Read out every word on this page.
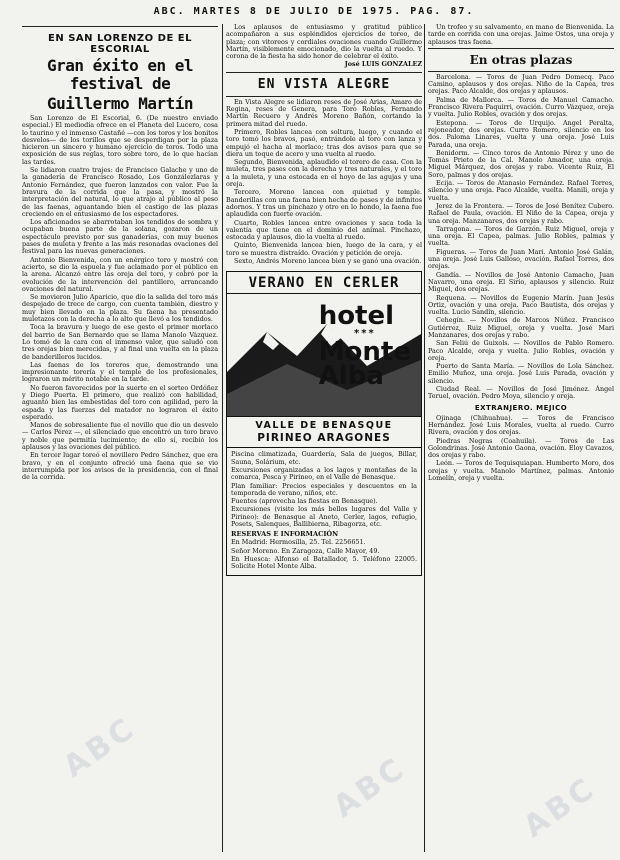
ABC. MARTES 8 DE JULIO DE 1975. PAG. 87.
EN SAN LORENZO DE EL ESCORIAL
Gran éxito en el festival de
Guillermo Martín

San Lorenzo de El Escorial, 6. (De nuestro enviado especial.) El mediodía ofrece en el Planeta del Lucero, cosa lo taurino y el inmenso Castañé —con los toros y los bonitos desvelos— de los torillos que se desperdigan por la plaza hicieron un sincero y humano ejercicio de toros. Todo una exposición de sus reglas, toro sobre toro, de lo que hacían las tardes.

Se lidiaron cuatro trajes: de Francisco Galache y uno de la ganadería de Francisco Rosado, Los Gonzálezlaras y Antonio Fernández, que fueron lanzados con valor. Fue la bravura de la corrida que la pasa, y mostró la interpretación del natural, lo que atrajo al público al peso de las faenas, aguantando bien el castigo de las plazas creciendo en el entusiasmo de los espectadores.

Los aficionados se abarrotaban los tendidos de sombra y ocupaban buena parte de la solana, gozaron de un espectáculo previsto por sus ganaderías, con muy buenos pases de muleta y frente a las más resonadas ovaciones del festival para las nuevas generaciones.

Antonio Bienvenida, con un enérgico toro y mostró con acierto, se dio la espuela y fue aclamado por el público en la arena. Alcanzó entre las oreja del toro, y cobró por la evolución de la intervención del pantillero, arrancando ovaciones del natural.

Se movieron Julio Aparicio, que dio la salida del toro más despejado de trece de cargo, con cuenta también, diestro y muy bien llevado en la plaza. Su faena ha presentado muletazos con la derecha a lo alto que llevó a los tendidos.

Toca la bravura y luego de ese gesto el primer morlaco del barrio de San Bernardo que se llama Manolo Vázquez. Lo tomó de la cara con el inmenso valor, que saludó con tres orejas bien merecidas, y al final una vuelta en la plaza de banderilleros lucidos.

Las faenas de los toreros que, demostrando una impresionante torería y el temple de los profesionales, lograron un mérito notable en la tarde.

No fueron favorecidos por la suerte en el sorteo Ordóñez y Diego Puerta. El primero, que realizó con habilidad, aguantó bien las embestidas del toro con agilidad, pero la espada y las fuerzas del matador no lograron el éxito esperado.

Manos de sobresaliente fue el novillo que dio un desvelo — Carlos Pérez —, el silenciado que encontró un toro bravo y noble que permitía lucimiento; de ello sí, recibió los aplausos y las ovaciones del público.

En tercer lugar toreó el novillero Pedro Sánchez, que era bravo, y en el conjunto ofreció una faena que se vio interrumpida por los avisos de la presidencia, con el final de la corrida.

Los aplausos de entusiasmo y gratitud público acompañaron a sus espléndidos ejercicios de toreo, de plaza; con vitoreos y cordiales ovaciones cuando Guillermo Martín, visiblemente emocionado, dio la vuelta al ruedo. Y corona de la fiesta ha sido honor de celebrar el éxito.

José LUIS GONZALEZ

EN VISTA ALEGRE

En Vista Alegre se lidiaron reses de José Arias, Amaro de Regina, reses de Genera, para Toro Robles, Fernando Martín Recuero y Andrés Moreno Bañón, cortando la primera mitad del ruedo.

Primero, Robles lancea con soltura, luego, y cuando el toro tomó los bravos, pasó, entrándole al toro con lanza y empujó el hacha al morlaco; tras dos avisos para que se diera un toque de acero y una vuelta al ruedo.

Segundo, Bienvenida, aplaudido el torero de casa. Con la muleta, tres pases con la derecha y tres naturales, y el toro a la muleta, y una estocada en el hoyo de las agujas y una oreja.

Tercero, Moreno lancea con quietud y temple. Banderillas con una faena bien hecha de pases y de infinitos adornos. Y tras un pinchazo y otro en lo hondo, la faena fue aplaudida con fuerte ovación.

Cuarto, Robles lancea entre ovaciones y saca toda la valentía que tiene en el dominio del animal. Pinchazo, estocada y aplausos, dio la vuelta al ruedo.

Quinto, Bienvenida lancea bien, luego de la cara, y el toro se muestra distraído. Ovación y petición de oreja.

Sexto, Andrés Moreno lancea bien y se ganó una ovación.

VERANO EN CERLER
hotel
***
Monte
Alba
VALLE DE BENASQUE
PIRINEO ARAGONES

Piscina climatizada, Guardería, Sala de juegos, Billar, Sauna, Solárium, etc.

Excursiones organizadas a los lagos y montañas de la comarca, Pesca y Pirineo, en el Valle de Benasque.

Plan familiar: Precios especiales y descuentos en la temporada de verano, niños, etc.

Fuentes (aprovecha las fiestas en Benasque).

Excursiones (visite los más bellos lugares del Valle y Pirineo): de Benasque al Aneto, Cerler, lagos, refugio, Posets, Salenques, Ballibierna, Ribagorza, etc.

RESERVAS E INFORMACIÓN

En Madrid: Hermosilla, 25. Tel. 2256651.

Señor Moreno. En Zaragoza, Calle Mayor, 49.

En Huesca: Alfonso el Batallador, 5. Teléfono 22005. Solicite Hotel Monte Alba.

Un trofeo y su salvamento, en mano de Bienvenida. La tarde en corrida con una orejas. Jaime Ostos, una oreja y aplausos tras faena.

En otras plazas

Barcelona. — Toros de Juan Pedro Domecq. Paco Camino, aplausos y dos orejas. Niño de la Capea, tres orejas. Paco Alcalde, dos orejas y aplausos.

Palma de Mallorca. — Toros de Manuel Camacho. Francisco Rivera Paquirri, ovación. Curro Vázquez, oreja y vuelta. Julio Robles, ovación y dos orejas.

Estepona. — Toros de Urquijo. Angel Peralta, rejoneador, dos orejas. Curro Romero, silencio en los dos. Paloma Linares, vuelta y una oreja. José Luis Parada, una oreja.

Benidorm. — Cinco toros de Antonio Pérez y uno de Tomás Prieto de la Cal. Manolo Amador, una oreja. Miguel Márquez, dos orejas y rabo. Vicente Ruiz, El Soro, palmas y dos orejas.

Ecija. — Toros de Atanasio Fernández. Rafael Torres, silencio y una oreja. Paco Alcalde, vuelta. Manili, oreja y vuelta.

Jerez de la Frontera. — Toros de José Benítez Cubero. Rafael de Paula, ovación. El Niño de la Capea, oreja y una oreja. Manzanares, dos orejas y rabo.

Tarragona. — Toros de Garzón. Ruiz Miguel, oreja y una oreja. El Capea, palmas. Julio Robles, palmas y vuelta.

Figueras. — Toros de Juan Mari. Antonio José Galán, una oreja. José Luis Galloso, ovación. Rafael Torres, dos orejas.

Gandía. — Novillos de José Antonio Camacho, Juan Navarro, una oreja. El Sirio, aplausos y silencio. Ruiz Miguel, dos orejas.

Requena. — Novillos de Eugenio Marín. Juan Jesús Ortiz, ovación y una oreja. Paco Bautista, dos orejas y vuelta. Lucio Sandín, silencio.

Cehegín. — Novillos de Marcos Núñez. Francisco Gutiérrez, Ruiz Miguel, oreja y vuelta. José Mari Manzanares, dos orejas y rabo.

San Feliú de Guixols. — Novillos de Pablo Romero. Paco Alcalde, oreja y vuelta. Julio Robles, ovación y oreja.

Puerto de Santa María. — Novillos de Lola Sánchez. Emilio Muñoz, una oreja. José Luis Parada, ovación y silencio.

Ciudad Real. — Novillos de José Jiménez. Ángel Teruel, ovación. Pedro Moya, silencio y oreja.

EXTRANJERO. MEJICO

Ojinaga (Chihuahua). — Toros de Francisco Hernández. José Luis Morales, vuelta al ruedo. Curro Rivera, ovación y dos orejas.

Piedras Negras (Coahuila). — Toros de Las Golondrinas. José Antonio Gaona, ovación. Eloy Cavazos, dos orejas y rabo.

León. — Toros de Tequisquiapan. Humberto Moro, dos orejas y vuelta. Manolo Martínez, palmas. Antonio Lomelín, oreja y vuelta.

ABC
ABC	ABC
